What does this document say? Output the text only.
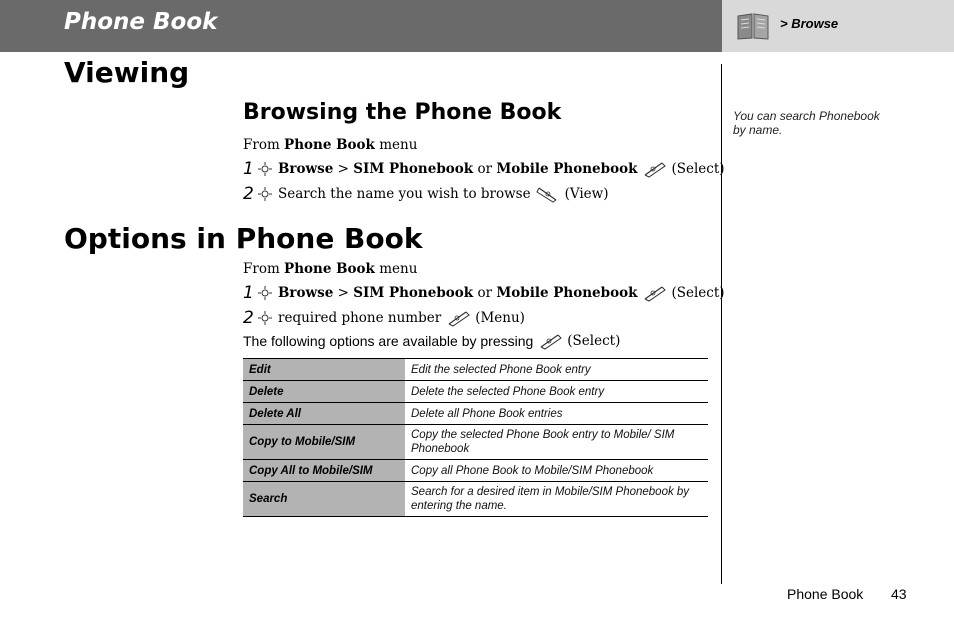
Phone Book	> Browse
You can search Phonebook by name.
Viewing
Browsing the Phone Book
From
Phone Book
menu
1 Browse
>
SIM Phonebook
or
Mobile Phonebook	(Select)
2 Search the name you wish to browse	(View)
Options in Phone Book
From
Phone Book
menu
1 Browse
>
SIM Phonebook
or
Mobile Phonebook	(Select)
2 required phone number	(Menu)
The following options are available by pressing	(Select)
Edit	Edit the selected Phone Book entry
Delete	Delete the selected Phone Book entry
Delete All	Delete all Phone Book entries
Copy to Mobile/SIM	Copy the selected Phone Book entry to Mobile/ SIM Phonebook
Copy All to Mobile/SIM	Copy all Phone Book to Mobile/SIM Phonebook
Search	Search for a desired item in Mobile/SIM Phonebook by entering the name.
Phone Book 43
